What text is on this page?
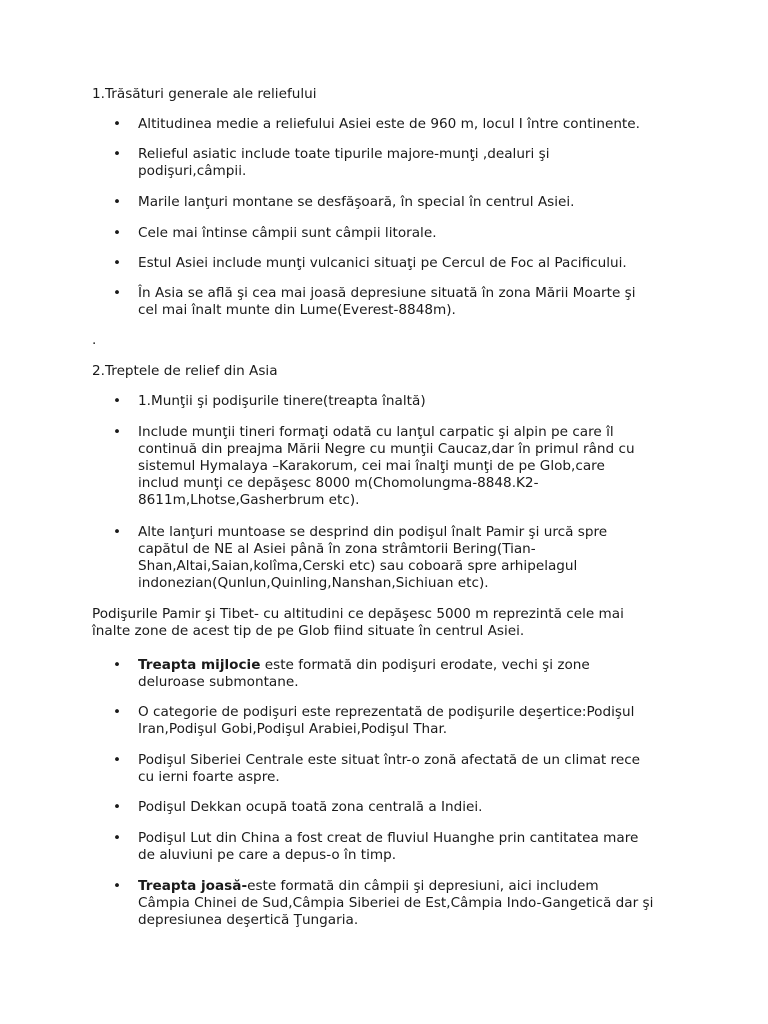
1.Trăsături generale ale reliefului

•	Altitudinea medie a reliefului Asiei este de 960 m, locul I între continente.

•	Relieful asiatic include toate tipurile majore-munţi ,dealuri şi
podişuri,câmpii.

•	Marile lanţuri montane se desfăşoară, în special în centrul Asiei.

•	Cele mai întinse câmpii sunt câmpii litorale.

•	Estul Asiei include munţi vulcanici situaţi pe Cercul de Foc al Pacificului.

•	În Asia se află şi cea mai joasă depresiune situată în zona Mării Moarte şi
cel mai înalt munte din Lume(Everest-8848m).

.

2.Treptele de relief din Asia

•	1.Munţii şi podişurile tinere(treapta înaltă)

•	Include munţii tineri formaţi odată cu lanţul carpatic şi alpin pe care îl
continuă din preajma Mării Negre cu munţii Caucaz,dar în primul rând cu
sistemul Hymalaya –Karakorum, cei mai înalţi munţi de pe Glob,care
includ munţi ce depăşesc 8000 m(Chomolungma-8848.K2-
8611m,Lhotse,Gasherbrum etc).

•	Alte lanţuri muntoase se desprind din podişul înalt Pamir şi urcă spre
capătul de NE al Asiei până în zona strâmtorii Bering(Tian-
Shan,Altai,Saian,kolîma,Cerski etc) sau coboară spre arhipelagul
indonezian(Qunlun,Quinling,Nanshan,Sichiuan etc).

Podişurile Pamir şi Tibet- cu altitudini ce depăşesc 5000 m reprezintă cele mai
înalte zone de acest tip de pe Glob fiind situate în centrul Asiei.

•	Treapta mijlocie este formată din podişuri erodate, vechi şi zone
deluroase submontane.

•	O categorie de podişuri este reprezentată de podişurile deşertice:Podişul
Iran,Podişul Gobi,Podişul Arabiei,Podişul Thar.

•	Podişul Siberiei Centrale este situat într-o zonă afectată de un climat rece
cu ierni foarte aspre.

•	Podişul Dekkan ocupă toată zona centrală a Indiei.

•	Podişul Lut din China a fost creat de fluviul Huanghe prin cantitatea mare
de aluviuni pe care a depus-o în timp.

•	Treapta joasă-este formată din câmpii şi depresiuni, aici includem
Câmpia Chinei de Sud,Câmpia Siberiei de Est,Câmpia Indo-Gangetică dar şi
depresiunea deşertică Ţungaria.
